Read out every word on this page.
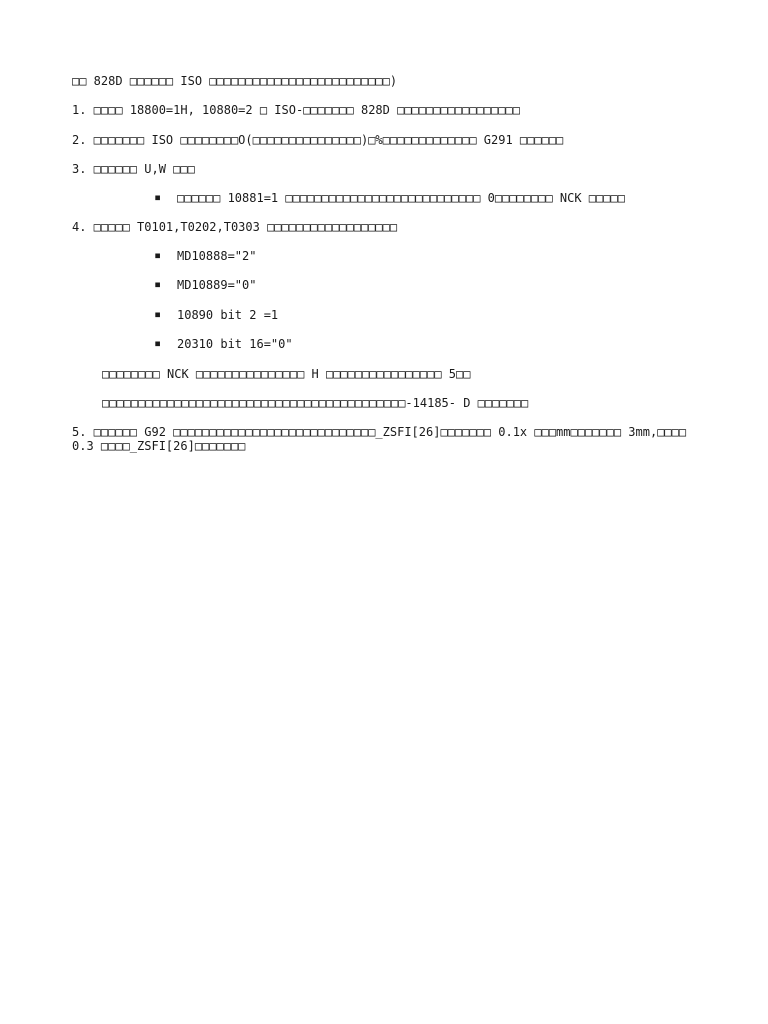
□□ 828D □□□□□□ ISO □□□□□□□□□□□□□□□□□□□□□□□□□)
1. □□□□ 18800=1H, 10880=2 □ ISO-□□□□□□□ 828D □□□□□□□□□□□□□□□□□
2. □□□□□□□ ISO □□□□□□□□O(□□□□□□□□□□□□□□□)□%□□□□□□□□□□□□□ G291 □□□□□□
3. □□□□□□ U,W □□□
▪ □□□□□□ 10881=1 □□□□□□□□□□□□□□□□□□□□□□□□□□□ 0□□□□□□□□ NCK □□□□□
4. □□□□□ T0101,T0202,T0303 □□□□□□□□□□□□□□□□□□
▪ MD10888="2"
▪ MD10889="0"
▪ 10890 bit 2 =1
▪ 20310 bit 16="0"
□□□□□□□□ NCK □□□□□□□□□□□□□□□ H □□□□□□□□□□□□□□□□ 5□□
□□□□□□□□□□□□□□□□□□□□□□□□□□□□□□□□□□□□□□□□□□-14185- D □□□□□□□
5. □□□□□□ G92 □□□□□□□□□□□□□□□□□□□□□□□□□□□□_ZSFI[26]□□□□□□□ 0.1x □□□mm□□□□□□□ 3mm,□□□□ 0.3 □□□□_ZSFI[26]□□□□□□□
